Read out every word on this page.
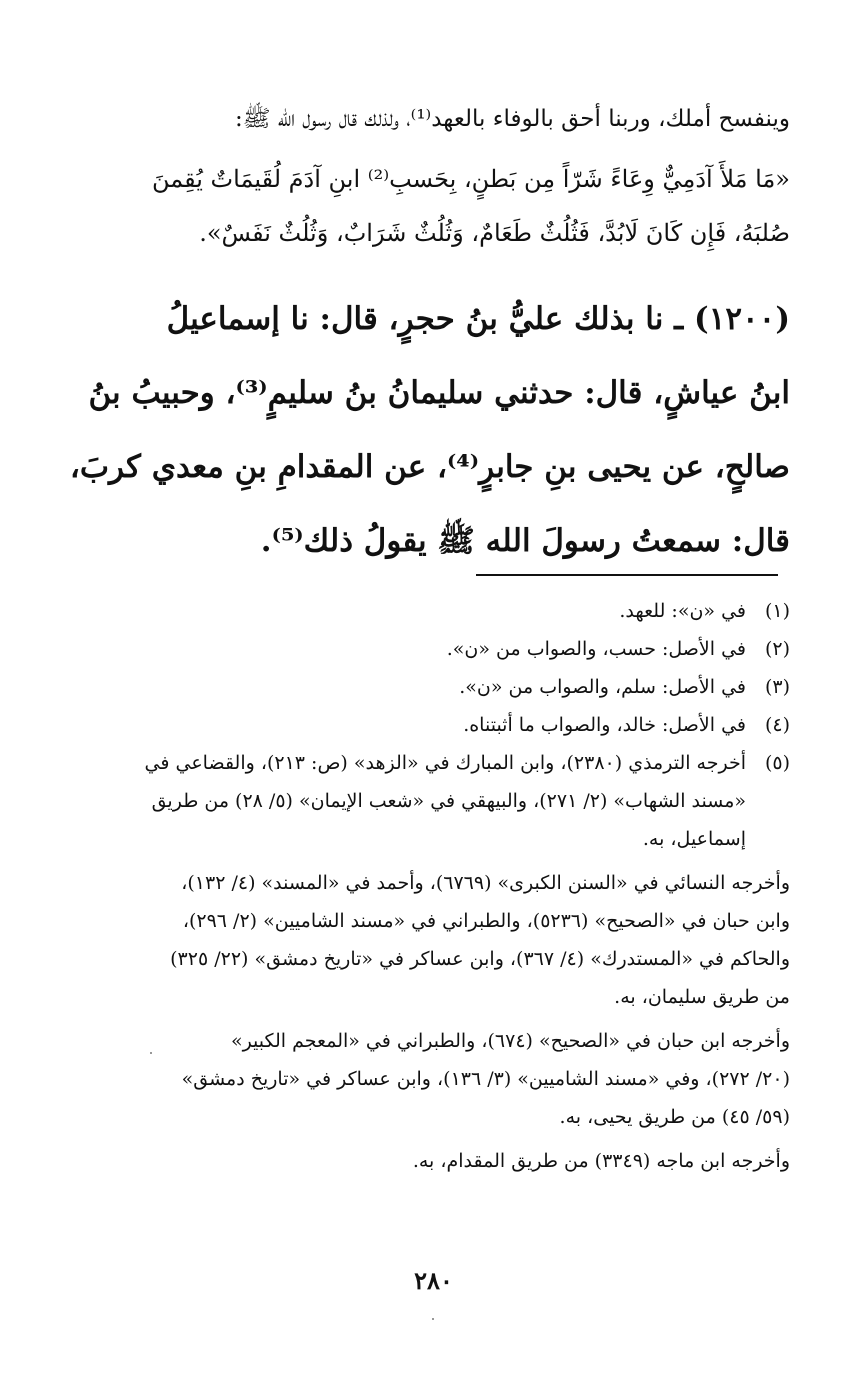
وينفسح أملك، وربنا أحق بالوفاء بالعهد⁽¹⁾، ولذلك قال رسول الله ﷺ:
«مَا مَلأَ آدَمِيٌّ وِعَاءً شَرّاً مِن بَطنٍ، بِحَسبِ⁽²⁾ ابنِ آدَمَ لُقَيمَاتٌ يُقِمنَ
صُلبَهُ، فَإِن كَانَ لَابُدَّ، فَثُلُثٌ طَعَامٌ، وَثُلُثٌ شَرَابٌ، وَثُلُثٌ نَفَسٌ».
(١٢٠٠) ـ نا بذلك عليُّ بنُ حجرٍ، قال: نا إسماعيلُ
ابنُ عياشٍ، قال: حدثني سليمانُ بنُ سليمٍ⁽³⁾، وحبيبُ بنُ
صالحٍ، عن يحيى بنِ جابرٍ⁽⁴⁾، عن المقدامِ بنِ معدي كربَ،
قال: سمعتُ رسولَ الله ﷺ يقولُ ذلك⁽⁵⁾.
(١)
في «ن»: للعهد.
(٢)
في الأصل: حسب، والصواب من «ن».
(٣)
في الأصل: سلم، والصواب من «ن».
(٤)
في الأصل: خالد، والصواب ما أثبتناه.
(٥)
أخرجه الترمذي (٢٣٨٠)، وابن المبارك في «الزهد» (ص: ٢١٣)، والقضاعي في
«مسند الشهاب» (٢/ ٢٧١)، والبيهقي في «شعب الإيمان» (٥/ ٢٨) من طريق
إسماعيل، به.
وأخرجه النسائي في «السنن الكبرى» (٦٧٦٩)، وأحمد في «المسند» (٤/ ١٣٢)،
وابن حبان في «الصحيح» (٥٢٣٦)، والطبراني في «مسند الشاميين» (٢/ ٢٩٦)،
والحاكم في «المستدرك» (٤/ ٣٦٧)، وابن عساكر في «تاريخ دمشق» (٢٢/ ٣٢٥)
من طريق سليمان، به.
وأخرجه ابن حبان في «الصحيح» (٦٧٤)، والطبراني في «المعجم الكبير»
(٢٠/ ٢٧٢)، وفي «مسند الشاميين» (٣/ ١٣٦)، وابن عساكر في «تاريخ دمشق»
(٥٩/ ٤٥) من طريق يحيى، به.
وأخرجه ابن ماجه (٣٣٤٩) من طريق المقدام، به.
٢٨٠
